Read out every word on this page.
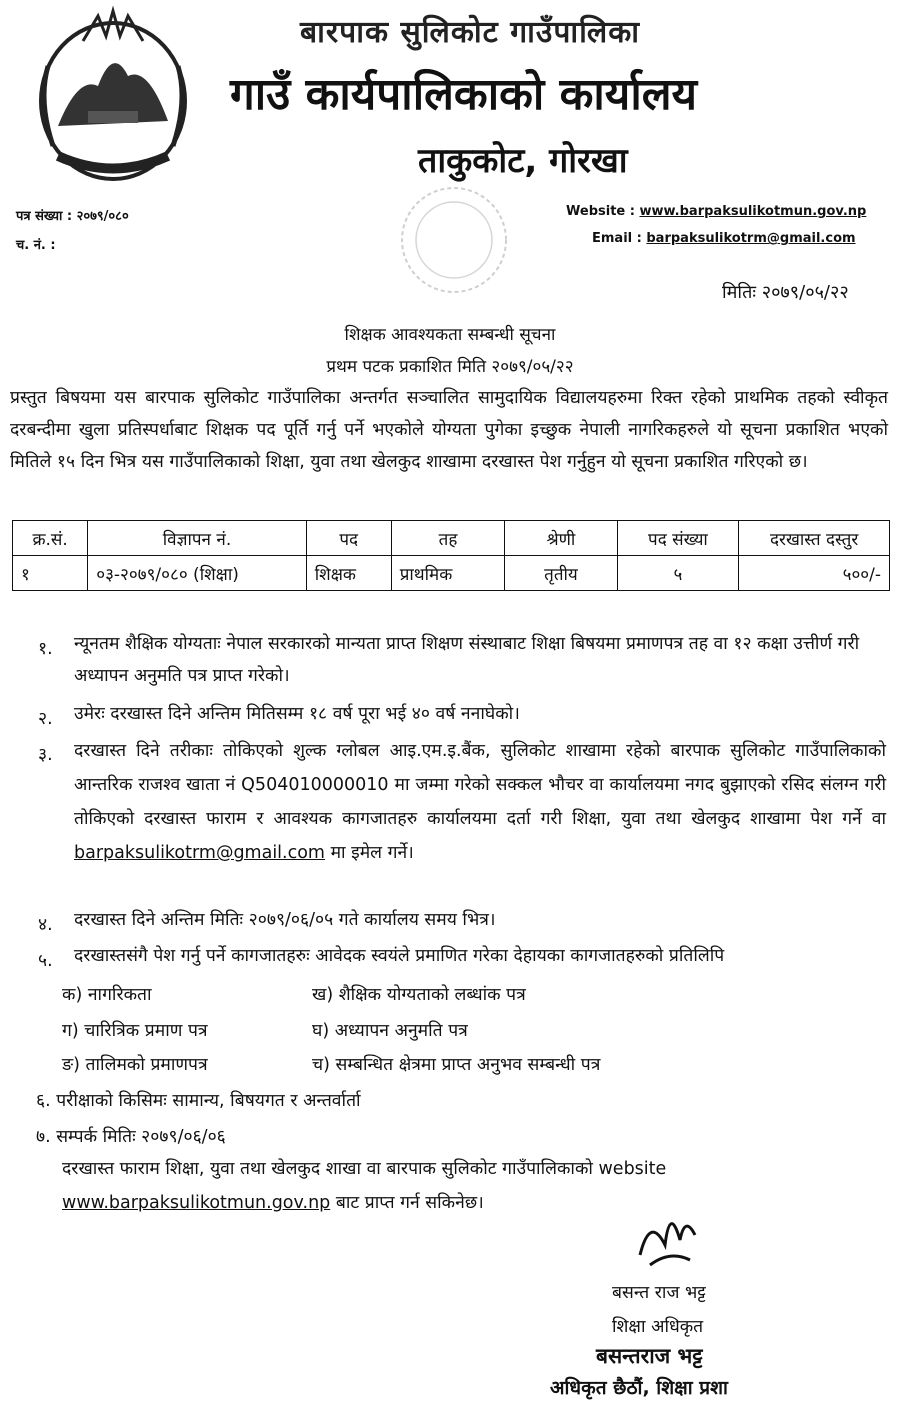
बारपाक सुलिकोट गाउँपालिका
गाउँ कार्यपालिकाको कार्यालय
ताकुकोट, गोरखा
पत्र संख्या : २०७९/०८०
च. नं. :
Website : www.barpaksulikotmun.gov.np
Email : barpaksulikotrm@gmail.com
मितिः २०७९/०५/२२
शिक्षक आवश्यकता सम्बन्धी सूचना
प्रथम पटक प्रकाशित मिति २०७९/०५/२२
प्रस्तुत बिषयमा यस बारपाक सुलिकोट गाउँपालिका अन्तर्गत सञ्चालित सामुदायिक विद्यालयहरुमा रिक्त रहेको प्राथमिक तहको स्वीकृत दरबन्दीमा खुला प्रतिस्पर्धाबाट शिक्षक पद पूर्ति गर्नु पर्ने भएकोले योग्यता पुगेका इच्छुक नेपाली नागरिकहरुले यो सूचना प्रकाशित भएको मितिले १५ दिन भित्र यस गाउँपालिकाको शिक्षा, युवा तथा खेलकुद शाखामा दरखास्त पेश गर्नुहुन यो सूचना प्रकाशित गरिएको छ।
क्र.सं.	विज्ञापन नं.	पद	तह	श्रेणी	पद संख्या	दरखास्त दस्तुर
१	०३-२०७९/०८० (शिक्षा)	शिक्षक	प्राथमिक	तृतीय	५	५००/-
१. न्यूनतम शैक्षिक योग्यताः नेपाल सरकारको मान्यता प्राप्त शिक्षण संस्थाबाट शिक्षा बिषयमा प्रमाणपत्र तह वा १२ कक्षा उत्तीर्ण गरी अध्यापन अनुमति पत्र प्राप्त गरेको।
२. उमेरः दरखास्त दिने अन्तिम मितिसम्म १८ वर्ष पूरा भई ४० वर्ष ननाघेको।
३. दरखास्त दिने तरीकाः तोकिएको शुल्क ग्लोबल आइ.एम.इ.बैंक, सुलिकोट शाखामा रहेको बारपाक सुलिकोट गाउँपालिकाको आन्तरिक राजश्व खाता नं Q504010000010 मा जम्मा गरेको सक्कल भौचर वा कार्यालयमा नगद बुझाएको रसिद संलग्न गरी तोकिएको दरखास्त फाराम र आवश्यक कागजातहरु कार्यालयमा दर्ता गरी शिक्षा, युवा तथा खेलकुद शाखामा पेश गर्ने वा barpaksulikotrm@gmail.com मा इमेल गर्ने।
४. दरखास्त दिने अन्तिम मितिः २०७९/०६/०५ गते कार्यालय समय भित्र।
५. दरखास्तसंगै पेश गर्नु पर्ने कागजातहरुः आवेदक स्वयंले प्रमाणित गरेका देहायका कागजातहरुको प्रतिलिपि
क) नागरिकता	ख) शैक्षिक योग्यताको लब्धांक पत्र
ग) चारित्रिक प्रमाण पत्र	घ) अध्यापन अनुमति पत्र
ङ) तालिमको प्रमाणपत्र	च) सम्बन्धित क्षेत्रमा प्राप्त अनुभव सम्बन्धी पत्र
६. परीक्षाको किसिमः सामान्य, बिषयगत र अन्तर्वार्ता
७. सम्पर्क मितिः २०७९/०६/०६
दरखास्त फाराम शिक्षा, युवा तथा खेलकुद शाखा वा बारपाक सुलिकोट गाउँपालिकाको website
www.barpaksulikotmun.gov.np बाट प्राप्त गर्न सकिनेछ।
बसन्त राज भट्ट
शिक्षा अधिकृत
बसन्तराज भट्ट
अधिकृत छैठौं, शिक्षा प्रशा
